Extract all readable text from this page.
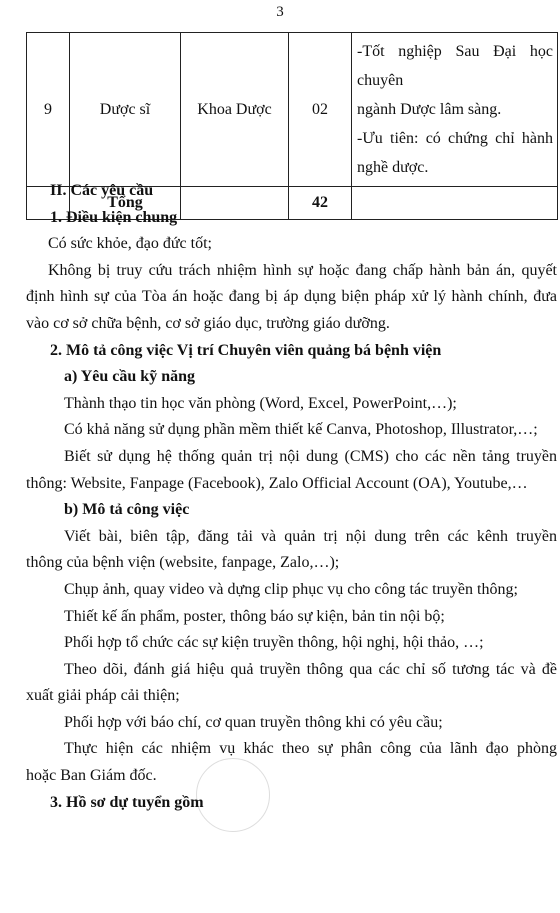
3
9	Dược sĩ	Khoa Dược	02	-Tốt nghiệp Sau Đại học chuyên
ngành Dược lâm sàng.
-Ưu tiên: có chứng chỉ hành
nghề dược.

	Tổng		42	
II. Các yêu cầu
1. Điều kiện chung
Có sức khỏe, đạo đức tốt;
Không bị truy cứu trách nhiệm hình sự hoặc đang chấp hành bản án, quyết
định hình sự của Tòa án hoặc đang bị áp dụng biện pháp xử lý hành chính, đưa
vào cơ sở chữa bệnh, cơ sở giáo dục, trường giáo dưỡng.
2. Mô tả công việc Vị trí Chuyên viên quảng bá bệnh viện
a) Yêu cầu kỹ năng
Thành thạo tin học văn phòng (Word, Excel, PowerPoint,…);
Có khả năng sử dụng phần mềm thiết kế Canva, Photoshop, Illustrator,…;
Biết sử dụng hệ thống quản trị nội dung (CMS) cho các nền tảng truyền
thông: Website, Fanpage (Facebook), Zalo Official Account (OA), Youtube,…
b) Mô tả công việc
Viết bài, biên tập, đăng tải và quản trị nội dung trên các kênh truyền
thông của bệnh viện (website, fanpage, Zalo,…);
Chụp ảnh, quay video và dựng clip phục vụ cho công tác truyền thông;
Thiết kế ấn phẩm, poster, thông báo sự kiện, bản tin nội bộ;
Phối hợp tổ chức các sự kiện truyền thông, hội nghị, hội thảo, …;
Theo dõi, đánh giá hiệu quả truyền thông qua các chỉ số tương tác và đề
xuất giải pháp cải thiện;
Phối hợp với báo chí, cơ quan truyền thông khi có yêu cầu;
Thực hiện các nhiệm vụ khác theo sự phân công của lãnh đạo phòng
hoặc Ban Giám đốc.
3. Hồ sơ dự tuyển gồm
